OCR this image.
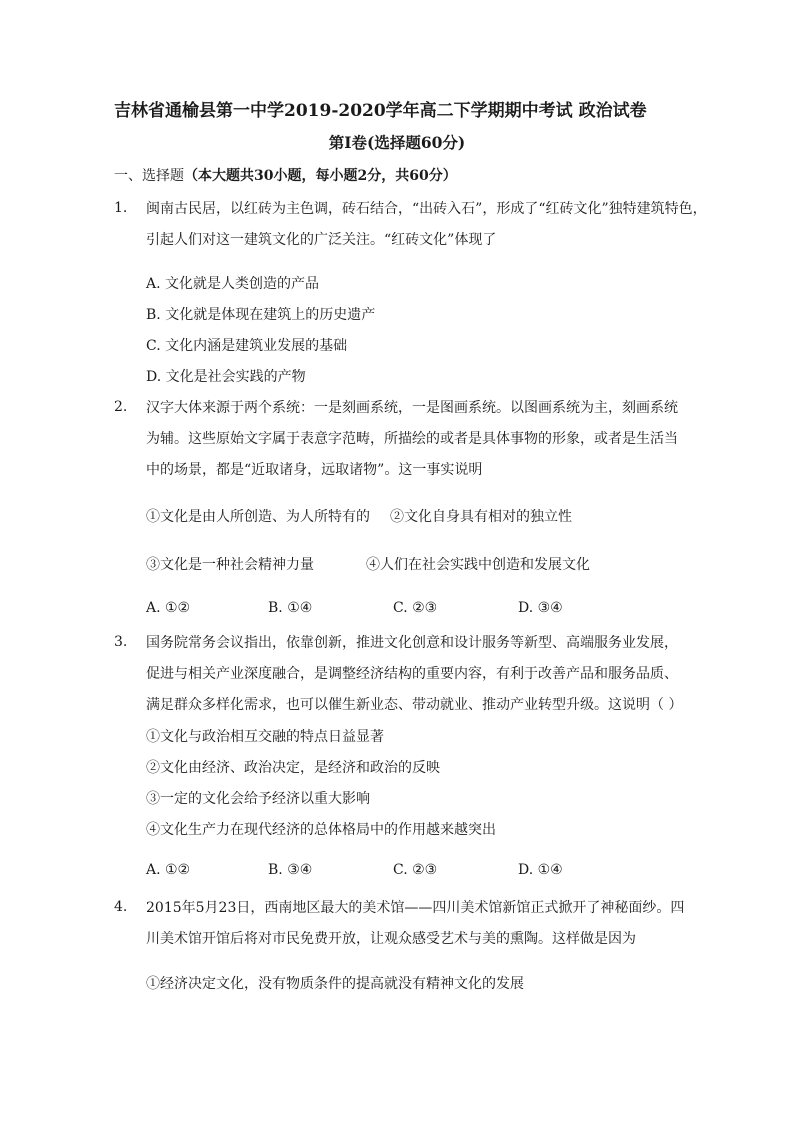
吉林省通榆县第一中学2019-2020学年高二下学期期中考试 政治试卷
第I卷(选择题60分)
一、选择题（本大题共30小题，每小题2分，共60分）
1. 闽南古民居，以红砖为主色调，砖石结合，“出砖入石”，形成了“红砖文化”独特建筑特色，
引起人们对这一建筑文化的广泛关注。“红砖文化”体现了
A. 文化就是人类创造的产品
B. 文化就是体现在建筑上的历史遗产
C. 文化内涵是建筑业发展的基础
D. 文化是社会实践的产物
2. 汉字大体来源于两个系统：一是刻画系统，一是图画系统。以图画系统为主，刻画系统
为辅。这些原始文字属于表意字范畴，所描绘的或者是具体事物的形象，或者是生活当
中的场景，都是“近取诸身，远取诸物”。这一事实说明
①文化是由人所创造、为人所特有的 ②文化自身具有相对的独立性
③文化是一种社会精神力量	④人们在社会实践中创造和发展文化
A. ①②	B. ①④	C. ②③	D. ③④
3. 国务院常务会议指出，依靠创新，推进文化创意和设计服务等新型、高端服务业发展，
促进与相关产业深度融合，是调整经济结构的重要内容，有利于改善产品和服务品质、
满足群众多样化需求，也可以催生新业态、带动就业、推动产业转型升级。这说明（ ）
①文化与政治相互交融的特点日益显著
②文化由经济、政治决定，是经济和政治的反映
③一定的文化会给予经济以重大影响
④文化生产力在现代经济的总体格局中的作用越来越突出
A. ①②	B. ③④	C. ②③	D. ①④
4. 2015年5月23日，西南地区最大的美术馆——四川美术馆新馆正式掀开了神秘面纱。四
川美术馆开馆后将对市民免费开放，让观众感受艺术与美的熏陶。这样做是因为
①经济决定文化，没有物质条件的提高就没有精神文化的发展
